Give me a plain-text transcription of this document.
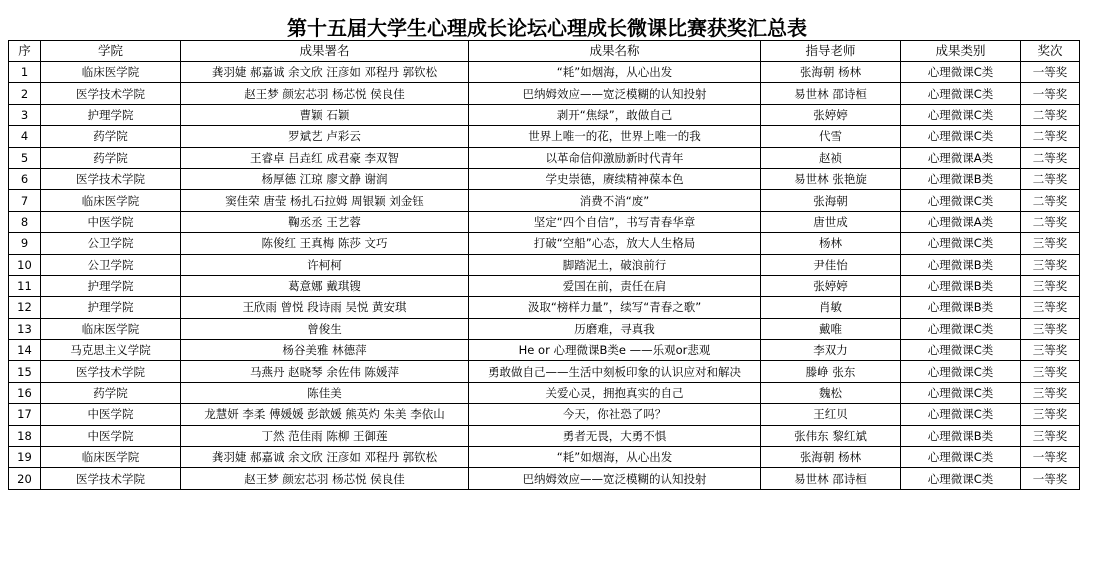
第十五届大学生心理成长论坛心理成长微课比赛获奖汇总表
序	学院	成果署名	成果名称	指导老师	成果类别	奖次
1	临床医学院	龚羽婕 郝嘉诚 余文欣 汪彦如 邓程丹 郭钦松	“耗”如烟海，从心出发	张海朝 杨林	心理微课C类	一等奖
2	医学技术学院	赵王梦 颜宏芯羽 杨芯悦 侯良佳	巴纳姆效应——宽泛模糊的认知投射	易世林 邵诗桓	心理微课C类	一等奖
3	护理学院	曹颖 石颖	剥开“焦绿”，敢做自己	张婷婷	心理微课C类	二等奖
4	药学院	罗斌艺 卢彩云	世界上唯一的花，世界上唯一的我	代雪	心理微课C类	二等奖
5	药学院	王睿卓 吕垚红 成君豪 李双智	以革命信仰激励新时代青年	赵祯	心理微课A类	二等奖
6	医学技术学院	杨厚德 江琼 廖文静 谢润	学史崇德，赓续精神葆本色	易世林 张艳旋	心理微课B类	二等奖
7	临床医学院	窦佳荣 唐莹 杨扎石拉姆 周银颖 刘金钰	消费不消“废”	张海朝	心理微课C类	二等奖
8	中医学院	鞠丞丞 王艺蓉	坚定“四个自信”，书写青春华章	唐世成	心理微课A类	二等奖
9	公卫学院	陈俊红 王真梅 陈莎 文巧	打破“空船”心态，放大人生格局	杨林	心理微课C类	三等奖
10	公卫学院	许柯柯	脚踏泥土，破浪前行	尹佳怡	心理微课B类	三等奖
11	护理学院	葛意娜 戴琪锼	爱国在前，责任在肩	张婷婷	心理微课B类	三等奖
12	护理学院	王欣雨 曾悦 段诗雨 吴悦 黄安琪	汲取“榜样力量”，续写“青春之歌”	肖敏	心理微课B类	三等奖
13	临床医学院	曾俊生	历磨难，寻真我	戴唯	心理微课C类	三等奖
14	马克思主义学院	杨谷美雅 林德萍	He or 心理微课B类e ——乐观or悲观	李双力	心理微课C类	三等奖
15	医学技术学院	马燕丹 赵晓琴 余佐伟 陈媛萍	勇敢做自己——生活中刻板印象的认识应对和解决	滕峥 张东	心理微课C类	三等奖
16	药学院	陈佳美	关爱心灵，拥抱真实的自己	魏松	心理微课C类	三等奖
17	中医学院	龙慧妍 李柔 傅媛媛 彭歆媛 熊英灼 朱美 李依山	今天，你社恐了吗？	王红贝	心理微课C类	三等奖
18	中医学院	丁然 范佳雨 陈柳 王御莲	勇者无畏，大勇不惧	张伟东 黎红斌	心理微课B类	三等奖
19	临床医学院	龚羽婕 郝嘉诚 余文欣 汪彦如 邓程丹 郭钦松	“耗”如烟海，从心出发	张海朝 杨林	心理微课C类	一等奖
20	医学技术学院	赵王梦 颜宏芯羽 杨芯悦 侯良佳	巴纳姆效应——宽泛模糊的认知投射	易世林 邵诗桓	心理微课C类	一等奖
